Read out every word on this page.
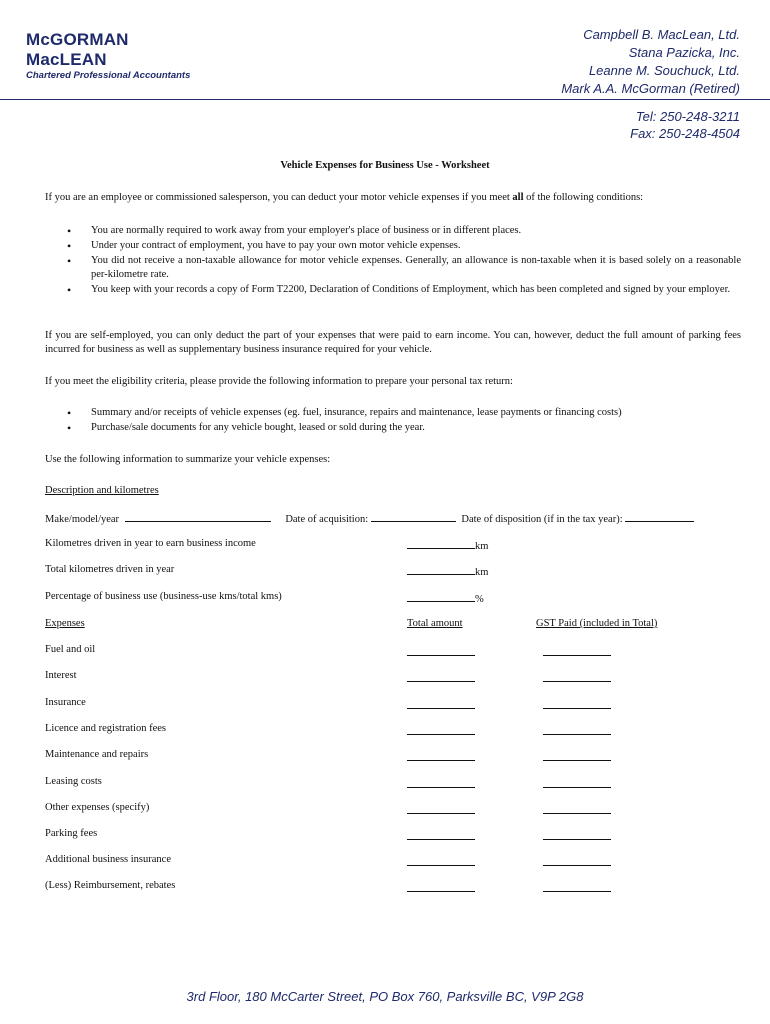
McGORMAN
MacLEAN
Chartered Professional Accountants
Campbell B. MacLean, Ltd.
Stana Pazicka, Inc.
Leanne M. Souchuck, Ltd.
Mark A.A. McGorman (Retired)
Tel: 250-248-3211
Fax: 250-248-4504
Vehicle Expenses for Business Use - Worksheet
If you are an employee or commissioned salesperson, you can deduct your motor vehicle expenses if you meet all of the following conditions:
• You are normally required to work away from your employer's place of business or in different places.
• Under your contract of employment, you have to pay your own motor vehicle expenses.
• You did not receive a non-taxable allowance for motor vehicle expenses. Generally, an allowance is non-taxable when it is based solely on a reasonable per-kilometre rate.
• You keep with your records a copy of Form T2200, Declaration of Conditions of Employment, which has been completed and signed by your employer.
If you are self-employed, you can only deduct the part of your expenses that were paid to earn income. You can, however, deduct the full amount of parking fees incurred for business as well as supplementary business insurance required for your vehicle.
If you meet the eligibility criteria, please provide the following information to prepare your personal tax return:
• Summary and/or receipts of vehicle expenses (eg. fuel, insurance, repairs and maintenance, lease payments or financing costs)
• Purchase/sale documents for any vehicle bought, leased or sold during the year.
Use the following information to summarize your vehicle expenses:
Description and kilometres
Make/model/year	Date of acquisition:	Date of disposition (if in the tax year):
Kilometres driven in year to earn business income	km
Total kilometres driven in year	km
Percentage of business use (business-use kms/total kms)	%
Expenses	Total amount	GST Paid (included in Total)
Fuel and oil
Interest
Insurance
Licence and registration fees
Maintenance and repairs
Leasing costs
Other expenses (specify)
Parking fees
Additional business insurance
(Less) Reimbursement, rebates
3rd Floor, 180 McCarter Street, PO Box 760, Parksville BC, V9P 2G8
